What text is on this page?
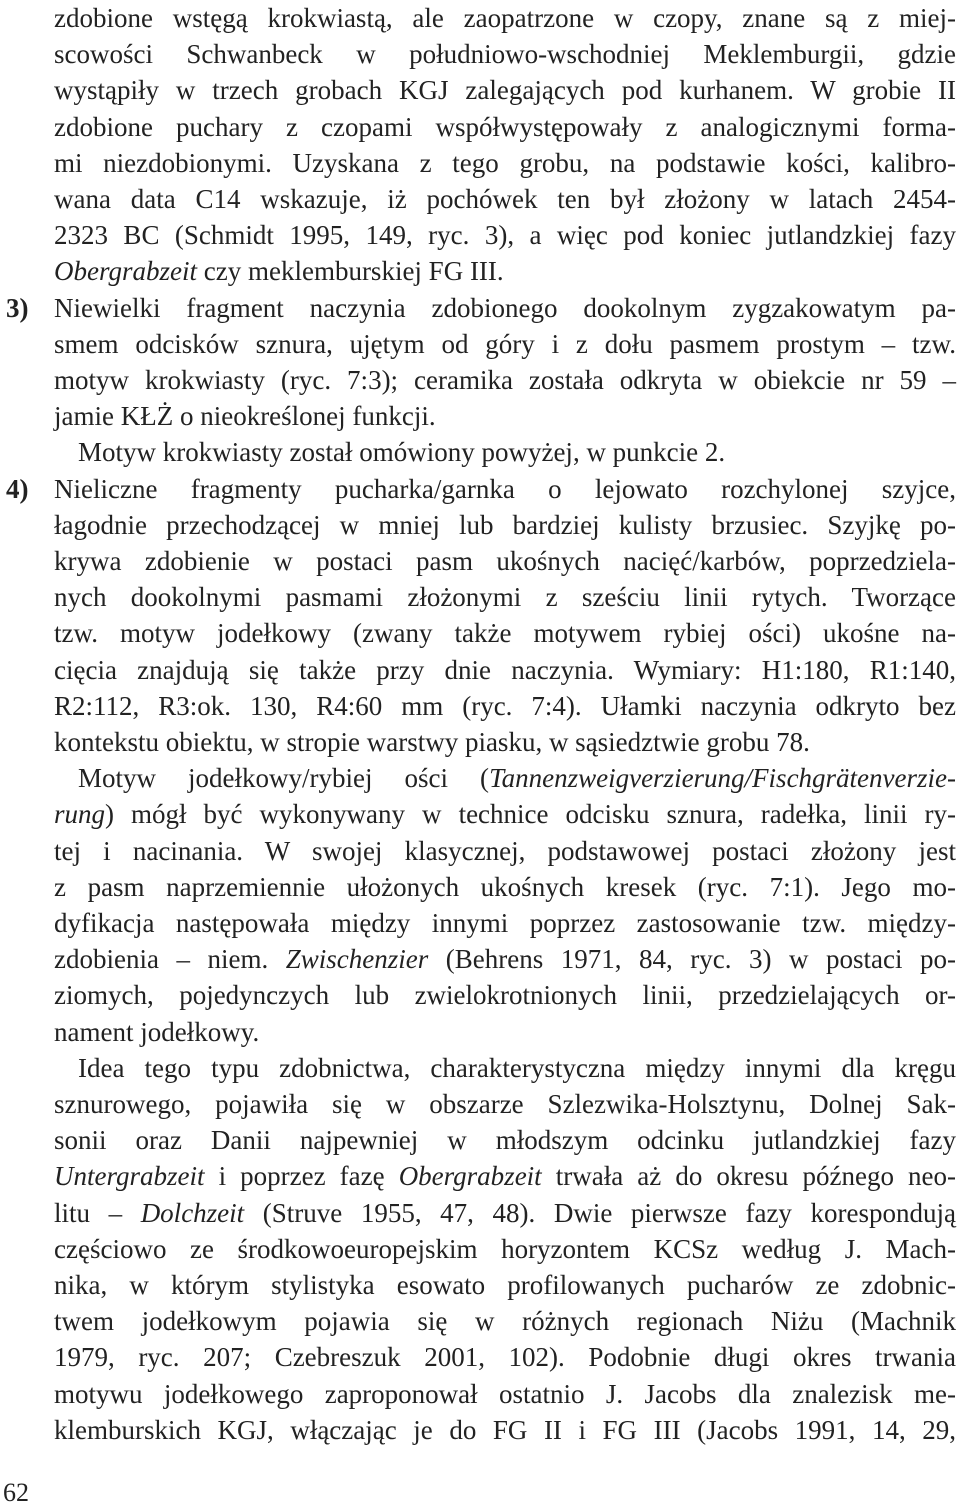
62
zdobione wstęgą krokwiastą, ale zaopatrzone w czopy, znane są z miej-
scowości Schwanbeck w południowo-wschodniej Meklemburgii, gdzie
wystąpiły w trzech grobach KGJ zalegających pod kurhanem. W grobie II
zdobione puchary z czopami współwystępowały z analogicznymi forma-
mi niezdobionymi. Uzyskana z tego grobu, na podstawie kości, kalibro-
wana data C14 wskazuje, iż pochówek ten był złożony w latach 2454-
2323 BC (Schmidt 1995, 149, ryc. 3), a więc pod koniec jutlandzkiej fazy
Obergrabzeit czy meklemburskiej FG III.
3) Niewielki fragment naczynia zdobionego dookolnym zygzakowatym pa-
smem odcisków sznura, ujętym od góry i z dołu pasmem prostym – tzw.
motyw krokwiasty (ryc. 7:3); ceramika została odkryta w obiekcie nr 59 –
jamie KŁŻ o nieokreślonej funkcji.
Motyw krokwiasty został omówiony powyżej, w punkcie 2.
4) Nieliczne fragmenty pucharka/garnka o lejowato rozchylonej szyjce,
łagodnie przechodzącej w mniej lub bardziej kulisty brzusiec. Szyjkę po-
krywa zdobienie w postaci pasm ukośnych nacięć/karbów, poprzedziela-
nych dookolnymi pasmami złożonymi z sześciu linii rytych. Tworzące
tzw. motyw jodełkowy (zwany także motywem rybiej ości) ukośne na-
cięcia znajdują się także przy dnie naczynia. Wymiary: H1:180, R1:140,
R2:112, R3:ok. 130, R4:60 mm (ryc. 7:4). Ułamki naczynia odkryto bez
kontekstu obiektu, w stropie warstwy piasku, w sąsiedztwie grobu 78.
Motyw jodełkowy/rybiej ości (Tannenzweigverzierung/Fischgrätenverzie-
rung) mógł być wykonywany w technice odcisku sznura, radełka, linii ry-
tej i nacinania. W swojej klasycznej, podstawowej postaci złożony jest
z pasm naprzemiennie ułożonych ukośnych kresek (ryc. 7:1). Jego mo-
dyfikacja następowała między innymi poprzez zastosowanie tzw. między-
zdobienia – niem. Zwischenzier (Behrens 1971, 84, ryc. 3) w postaci po-
ziomych, pojedynczych lub zwielokrotnionych linii, przedzielających or-
nament jodełkowy.
Idea tego typu zdobnictwa, charakterystyczna między innymi dla kręgu
sznurowego, pojawiła się w obszarze Szlezwika-Holsztynu, Dolnej Sak-
sonii oraz Danii najpewniej w młodszym odcinku jutlandzkiej fazy
Untergrabzeit i poprzez fazę Obergrabzeit trwała aż do okresu późnego neo-
litu – Dolchzeit (Struve 1955, 47, 48). Dwie pierwsze fazy korespondują
częściowo ze środkowoeuropejskim horyzontem KCSz według J. Mach-
nika, w którym stylistyka esowato profilowanych pucharów ze zdobnic-
twem jodełkowym pojawia się w różnych regionach Niżu (Machnik
1979, ryc. 207; Czebreszuk 2001, 102). Podobnie długi okres trwania
motywu jodełkowego zaproponował ostatnio J. Jacobs dla znalezisk me-
klemburskich KGJ, włączając je do FG II i FG III (Jacobs 1991, 14, 29,
